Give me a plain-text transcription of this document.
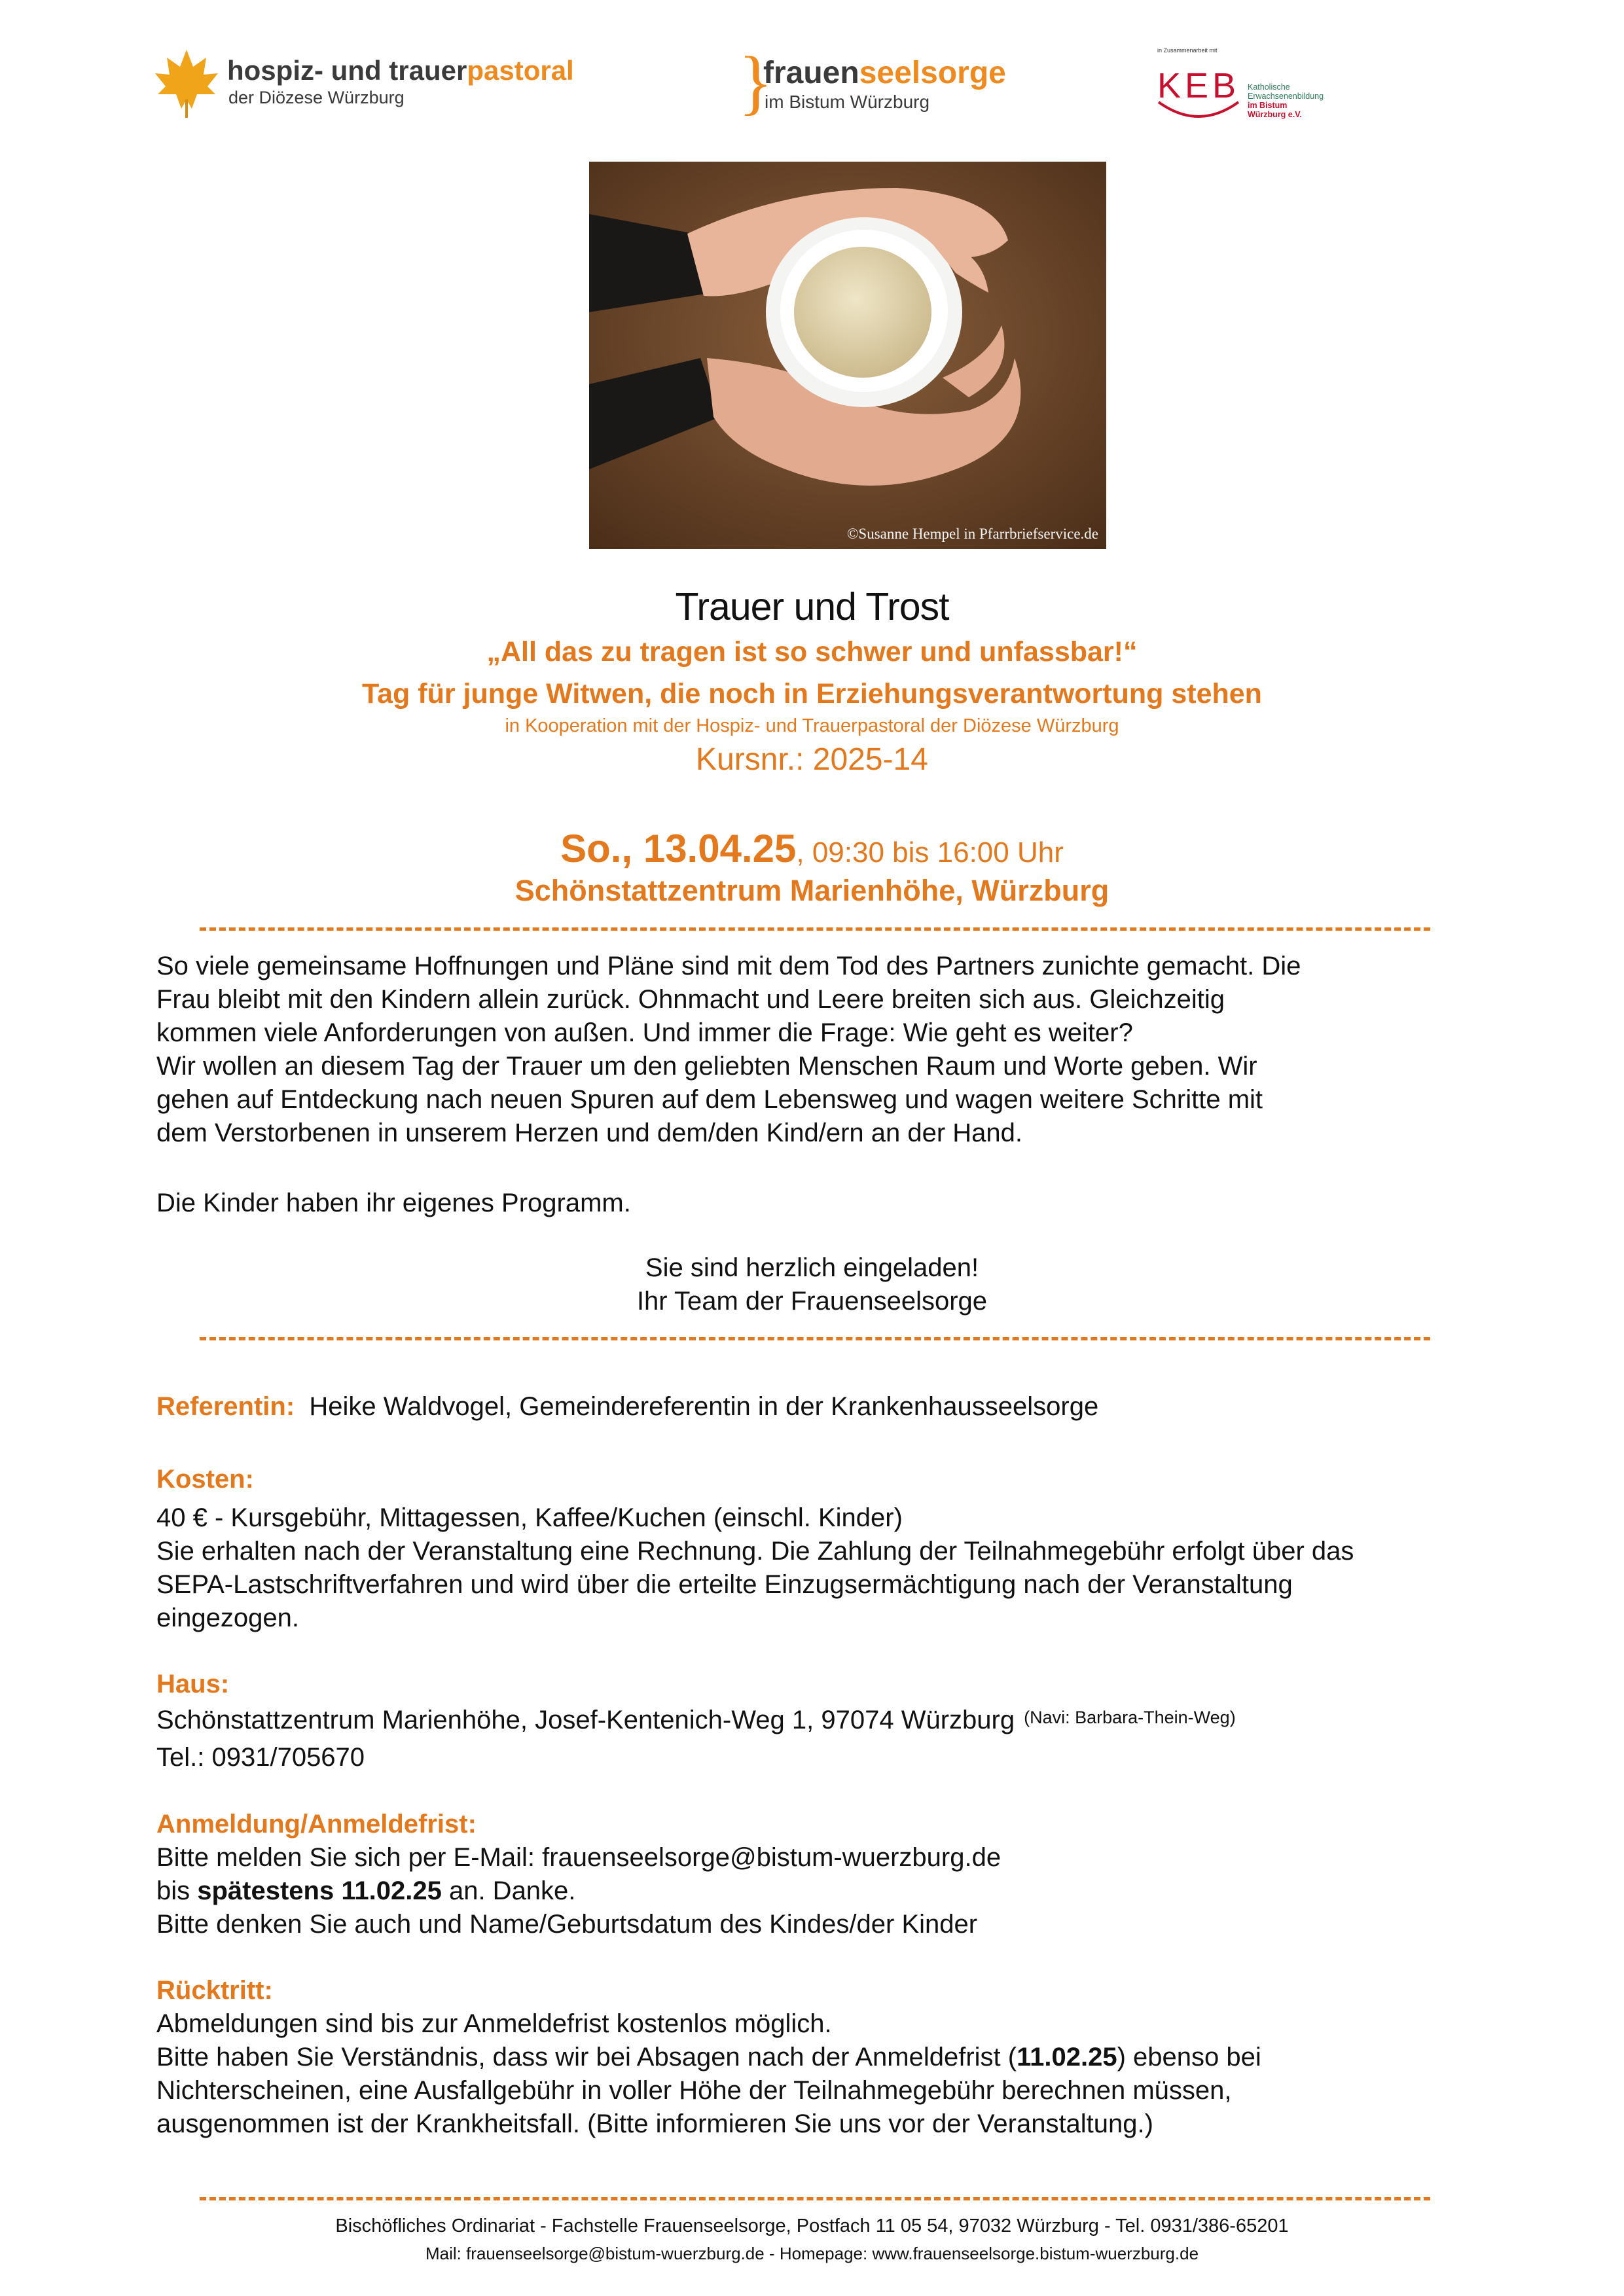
hospiz- und trauerpastoral
der Diözese Würzburg	}
frauenseelsorge
im Bistum Würzburg
in Zusammenarbeit mit
KEB Katholische
Erwachsenenbildung
im Bistum
Würzburg e.V.
©Susanne Hempel in Pfarrbriefservice.de
Trauer und Trost
„All das zu tragen ist so schwer und unfassbar!“
Tag für junge Witwen, die noch in Erziehungsverantwortung stehen
in Kooperation mit der Hospiz- und Trauerpastoral der Diözese Würzburg
Kursnr.: 2025-14
So., 13.04.25, 09:30 bis 16:00 Uhr
Schönstattzentrum Marienhöhe, Würzburg

So viele gemeinsame Hoffnungen und Pläne sind mit dem Tod des Partners zunichte gemacht. Die

Frau bleibt mit den Kindern allein zurück. Ohnmacht und Leere breiten sich aus. Gleichzeitig

kommen viele Anforderungen von außen. Und immer die Frage: Wie geht es weiter?

Wir wollen an diesem Tag der Trauer um den geliebten Menschen Raum und Worte geben. Wir

gehen auf Entdeckung nach neuen Spuren auf dem Lebensweg und wagen weitere Schritte mit

dem Verstorbenen in unserem Herzen und dem/den Kind/ern an der Hand.

Die Kinder haben ihr eigenes Programm.

Sie sind herzlich eingeladen!
Ihr Team der Frauenseelsorge

Referentin: Heike Waldvogel, Gemeindereferentin in der Krankenhausseelsorge

Kosten:

40 € - Kursgebühr, Mittagessen, Kaffee/Kuchen (einschl. Kinder)

Sie erhalten nach der Veranstaltung eine Rechnung. Die Zahlung der Teilnahmegebühr erfolgt über das

SEPA-Lastschriftverfahren und wird über die erteilte Einzugsermächtigung nach der Veranstaltung

eingezogen.

Haus:

Schönstattzentrum Marienhöhe, Josef-Kentenich-Weg 1, 97074 Würzburg $^{(Navi: Barbara-Thein-Weg)}$

Tel.: 0931/705670

Anmeldung/Anmeldefrist:

Bitte melden Sie sich per E-Mail: frauenseelsorge@bistum-wuerzburg.de

bis spätestens 11.02.25 an. Danke.

Bitte denken Sie auch und Name/Geburtsdatum des Kindes/der Kinder

Rücktritt:

Abmeldungen sind bis zur Anmeldefrist kostenlos möglich.

Bitte haben Sie Verständnis, dass wir bei Absagen nach der Anmeldefrist (11.02.25) ebenso bei

Nichterscheinen, eine Ausfallgebühr in voller Höhe der Teilnahmegebühr berechnen müssen,

ausgenommen ist der Krankheitsfall. (Bitte informieren Sie uns vor der Veranstaltung.)

Bischöfliches Ordinariat - Fachstelle Frauenseelsorge, Postfach 11 05 54, 97032 Würzburg - Tel. 0931/386-65201
Mail: frauenseelsorge@bistum-wuerzburg.de - Homepage: www.frauenseelsorge.bistum-wuerzburg.de
